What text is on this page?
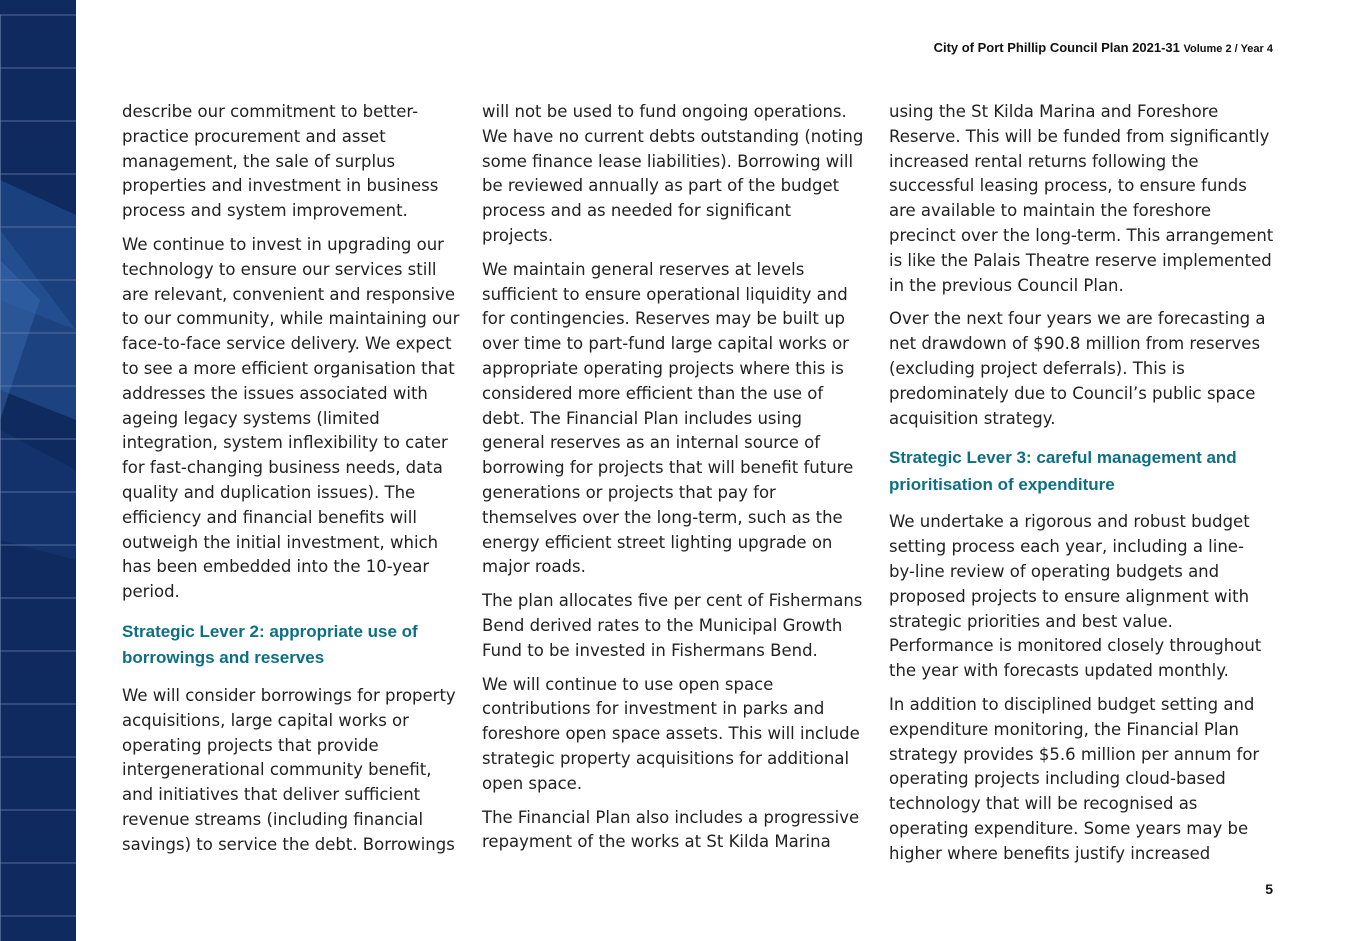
City of Port Phillip Council Plan 2021-31 Volume 2 / Year 4

describe our commitment to better-
practice procurement and asset
management, the sale of surplus
properties and investment in business
process and system improvement.

We continue to invest in upgrading our
technology to ensure our services still
are relevant, convenient and responsive
to our community, while maintaining our
face-to-face service delivery. We expect
to see a more efficient organisation that
addresses the issues associated with
ageing legacy systems (limited
integration, system inflexibility to cater
for fast-changing business needs, data
quality and duplication issues). The
efficiency and financial benefits will
outweigh the initial investment, which
has been embedded into the 10-year
period.

Strategic Lever 2: appropriate use of
borrowings and reserves

We will consider borrowings for property
acquisitions, large capital works or
operating projects that provide
intergenerational community benefit,
and initiatives that deliver sufficient
revenue streams (including financial
savings) to service the debt. Borrowings

will not be used to fund ongoing operations.
We have no current debts outstanding (noting
some finance lease liabilities). Borrowing will
be reviewed annually as part of the budget
process and as needed for significant
projects.

We maintain general reserves at levels
sufficient to ensure operational liquidity and
for contingencies. Reserves may be built up
over time to part-fund large capital works or
appropriate operating projects where this is
considered more efficient than the use of
debt. The Financial Plan includes using
general reserves as an internal source of
borrowing for projects that will benefit future
generations or projects that pay for
themselves over the long-term, such as the
energy efficient street lighting upgrade on
major roads.

The plan allocates five per cent of Fishermans
Bend derived rates to the Municipal Growth
Fund to be invested in Fishermans Bend.

We will continue to use open space
contributions for investment in parks and
foreshore open space assets. This will include
strategic property acquisitions for additional
open space.

The Financial Plan also includes a progressive
repayment of the works at St Kilda Marina

using the St Kilda Marina and Foreshore
Reserve. This will be funded from significantly
increased rental returns following the
successful leasing process, to ensure funds
are available to maintain the foreshore
precinct over the long-term. This arrangement
is like the Palais Theatre reserve implemented
in the previous Council Plan.

Over the next four years we are forecasting a
net drawdown of $90.8 million from reserves
(excluding project deferrals). This is
predominately due to Council’s public space
acquisition strategy.

Strategic Lever 3: careful management and
prioritisation of expenditure

We undertake a rigorous and robust budget
setting process each year, including a line-
by-line review of operating budgets and
proposed projects to ensure alignment with
strategic priorities and best value.
Performance is monitored closely throughout
the year with forecasts updated monthly.

In addition to disciplined budget setting and
expenditure monitoring, the Financial Plan
strategy provides $5.6 million per annum for
operating projects including cloud-based
technology that will be recognised as
operating expenditure. Some years may be
higher where benefits justify increased

5
